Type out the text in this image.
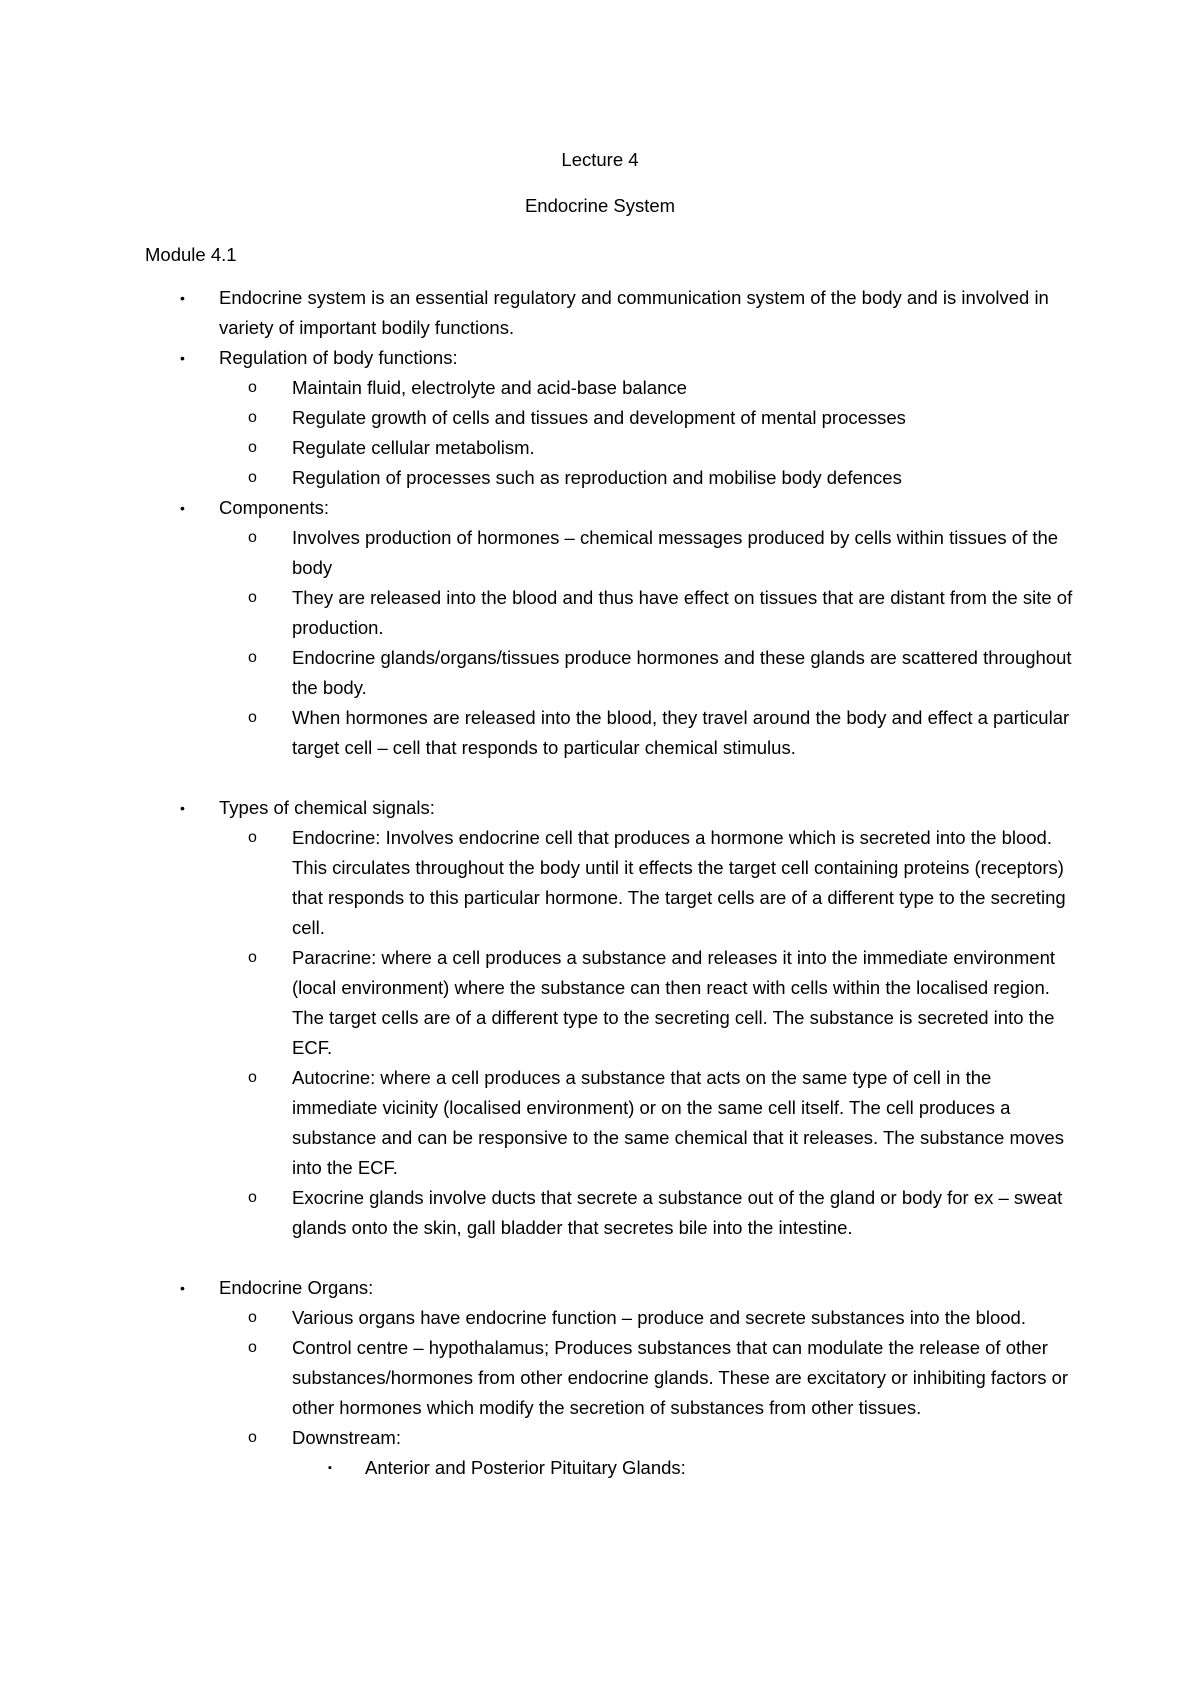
Lecture 4
Endocrine System
Module 4.1
• Endocrine system is an essential regulatory and communication system of the body and is involved in variety of important bodily functions.
• Regulation of body functions:
o Maintain fluid, electrolyte and acid-base balance
o Regulate growth of cells and tissues and development of mental processes
o Regulate cellular metabolism.
o Regulation of processes such as reproduction and mobilise body defences
• Components:
o Involves production of hormones – chemical messages produced by cells within tissues of the body
o They are released into the blood and thus have effect on tissues that are distant from the site of production.
o Endocrine glands/organs/tissues produce hormones and these glands are scattered throughout the body.
o When hormones are released into the blood, they travel around the body and effect a particular target cell – cell that responds to particular chemical stimulus.
• Types of chemical signals:
o Endocrine: Involves endocrine cell that produces a hormone which is secreted into the blood. This circulates throughout the body until it effects the target cell containing proteins (receptors) that responds to this particular hormone. The target cells are of a different type to the secreting cell.
o Paracrine: where a cell produces a substance and releases it into the immediate environment (local environment) where the substance can then react with cells within the localised region. The target cells are of a different type to the secreting cell. The substance is secreted into the ECF.
o Autocrine: where a cell produces a substance that acts on the same type of cell in the immediate vicinity (localised environment) or on the same cell itself. The cell produces a substance and can be responsive to the same chemical that it releases. The substance moves into the ECF.
o Exocrine glands involve ducts that secrete a substance out of the gland or body for ex – sweat glands onto the skin, gall bladder that secretes bile into the intestine.
• Endocrine Organs:
o Various organs have endocrine function – produce and secrete substances into the blood.
o Control centre – hypothalamus; Produces substances that can modulate the release of other substances/hormones from other endocrine glands. These are excitatory or inhibiting factors or other hormones which modify the secretion of substances from other tissues.
o Downstream:
▪ Anterior and Posterior Pituitary Glands:
